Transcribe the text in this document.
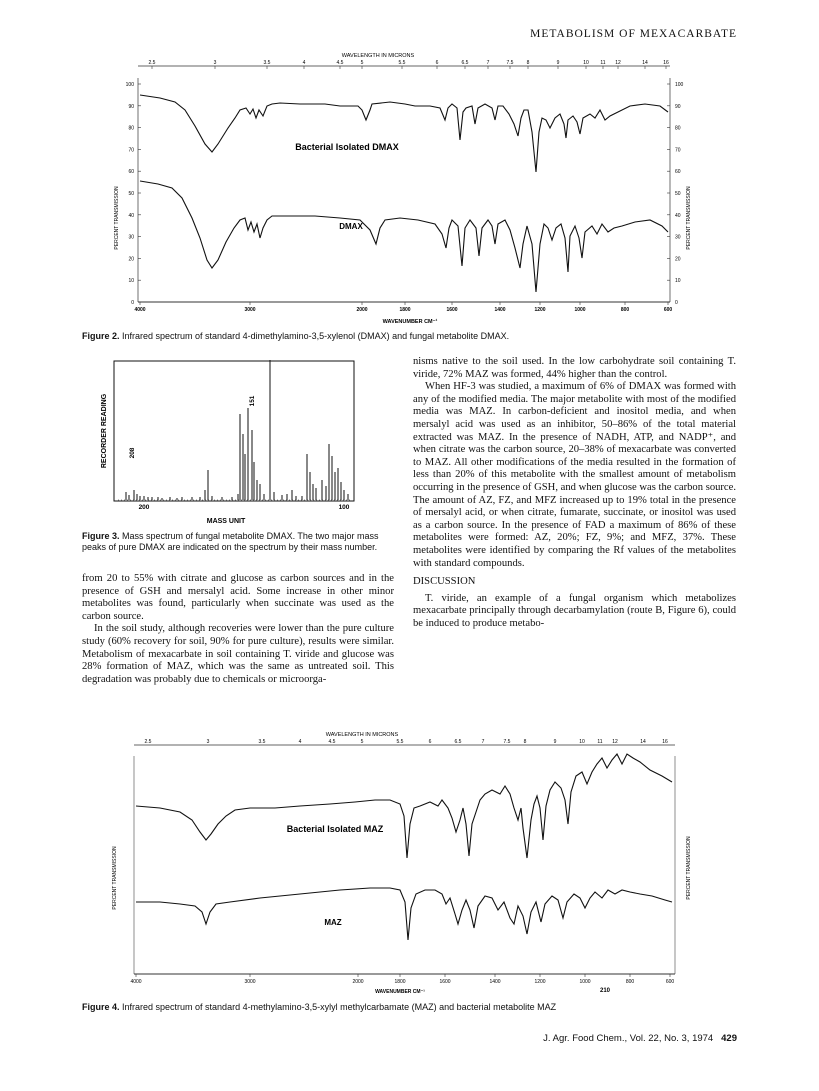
METABOLISM OF MEXACARBATE
WAVELENGTH IN MICRONS
2.5	3	3.5	4	4.5	5	5.5	6	6.5	7	7.5	8	9	10 11 12	14	16
100
90
80
70
60
50
40
30
20
10
0
100
90
80
70
60
50
40
30
20
10
0
4000	3000	2000	1800	1600	1400	1200	1000	800	600
WAVENUMBER CM⁻¹
PERCENT TRANSMISSION	PERCENT TRANSMISSION
Bacterial Isolated DMAX
DMAX
Figure 2. Infrared spectrum of standard 4-dimethylamino-3,5-xylenol (DMAX) and fungal metabolite DMAX.
RECORDER READING	208
151
200	100
MASS UNIT
Figure 3. Mass spectrum of fungal metabolite DMAX. The two major mass peaks of pure DMAX are indicated on the spectrum by their mass number.

from 20 to 55% with citrate and glucose as carbon sources and in the presence of GSH and mersalyl acid. Some increase in other minor metabolites was found, particularly when succinate was used as the carbon source.

In the soil study, although recoveries were lower than the pure culture study (60% recovery for soil, 90% for pure culture), results were similar. Metabolism of mexacarbate in soil containing T. viride and glucose was 28% formation of MAZ, which was the same as untreated soil. This degradation was probably due to chemicals or microorga-

nisms native to the soil used. In the low carbohydrate soil containing T. viride, 72% MAZ was formed, 44% higher than the control.

When HF-3 was studied, a maximum of 6% of DMAX was formed with any of the modified media. The major metabolite with most of the modified media was MAZ. In carbon-deficient and inositol media, and when mersalyl acid was used as an inhibitor, 50–86% of the total material extracted was MAZ. In the presence of NADH, ATP, and NADP⁺, and when citrate was the carbon source, 20–38% of mexacarbate was converted to MAZ. All other modifications of the media resulted in the formation of less than 20% of this metabolite with the smallest amount of metabolism occurring in the presence of GSH, and when glucose was the carbon source. The amount of AZ, FZ, and MFZ increased up to 19% total in the presence of mersalyl acid, or when citrate, fumarate, succinate, or inositol was used as a carbon source. In the presence of FAD a maximum of 86% of these metabolites were formed: AZ, 20%; FZ, 9%; and MFZ, 37%. These metabolites were identified by comparing the Rf values of the metabolites with standard compounds.

DISCUSSION

T. viride, an example of a fungal organism which metabolizes mexacarbate principally through decarbamylation (route B, Figure 6), could be induced to produce metabo-

WAVELENGTH IN MICRONS
2.5	3	3.5	4	4.5	5	5.5	6	6.5	7	7.5	8	9	10	11 12	14	16
4000	3000	2000	1800	1600	1400	1200	1000	800	600
WAVENUMBER CM⁻¹	210
PERCENT TRANSMISSION	PERCENT TRANSMISSION
Bacterial Isolated MAZ
MAZ
Figure 4. Infrared spectrum of standard 4-methylamino-3,5-xylyl methylcarbamate (MAZ) and bacterial metabolite MAZ
J. Agr. Food Chem., Vol. 22, No. 3, 1974 429
